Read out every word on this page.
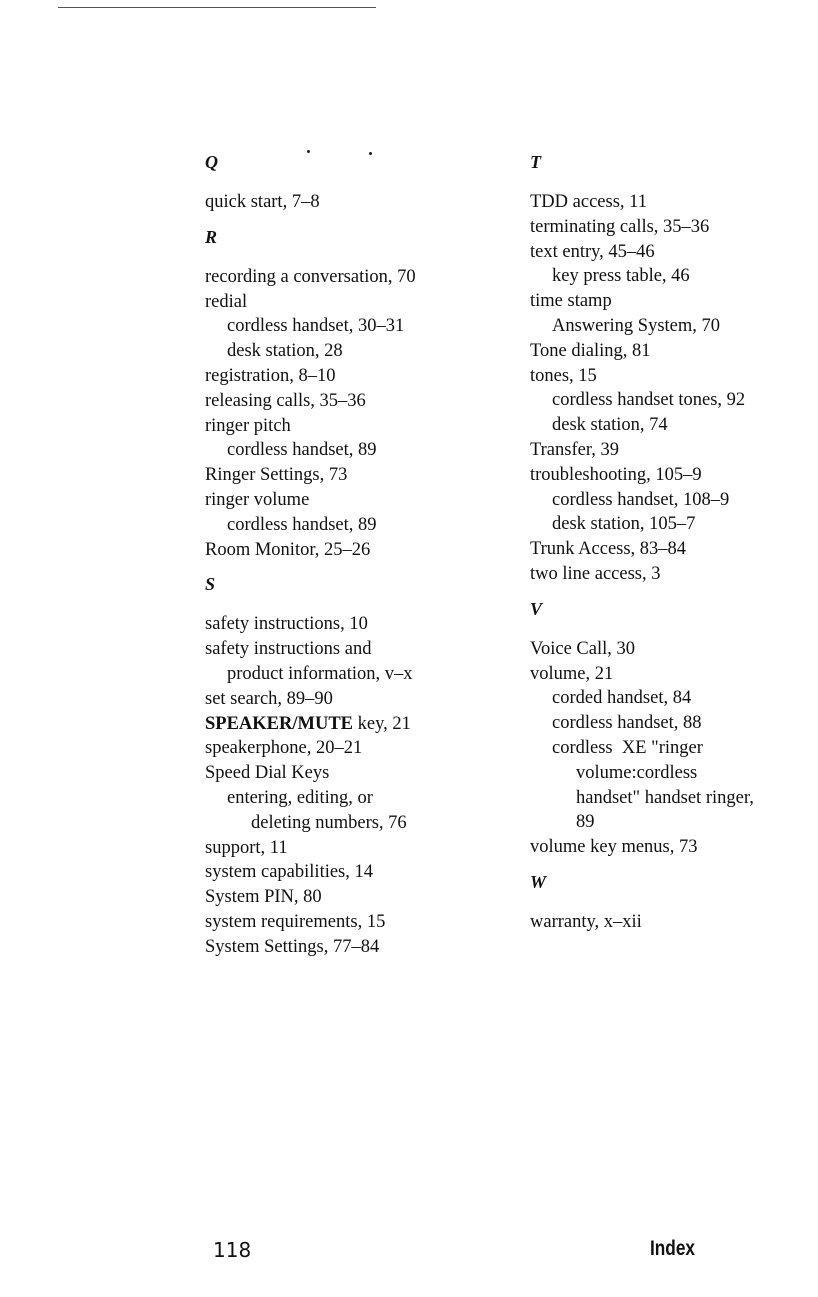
Q
quick start, 7–8
R
recording a conversation, 70
redial
cordless handset, 30–31
desk station, 28
registration, 8–10
releasing calls, 35–36
ringer pitch
cordless handset, 89
Ringer Settings, 73
ringer volume
cordless handset, 89
Room Monitor, 25–26
S
safety instructions, 10
safety instructions and
product information, v–x
set search, 89–90
SPEAKER/MUTE key, 21
speakerphone, 20–21
Speed Dial Keys
entering, editing, or
deleting numbers, 76
support, 11
system capabilities, 14
System PIN, 80
system requirements, 15
System Settings, 77–84
T
TDD access, 11
terminating calls, 35–36
text entry, 45–46
key press table, 46
time stamp
Answering System, 70
Tone dialing, 81
tones, 15
cordless handset tones, 92
desk station, 74
Transfer, 39
troubleshooting, 105–9
cordless handset, 108–9
desk station, 105–7
Trunk Access, 83–84
two line access, 3
V
Voice Call, 30
volume, 21
corded handset, 84
cordless handset, 88
cordless  XE "ringer
volume:cordless
handset" handset ringer,
89
volume key menus, 73
W
warranty, x–xii
118	Index
